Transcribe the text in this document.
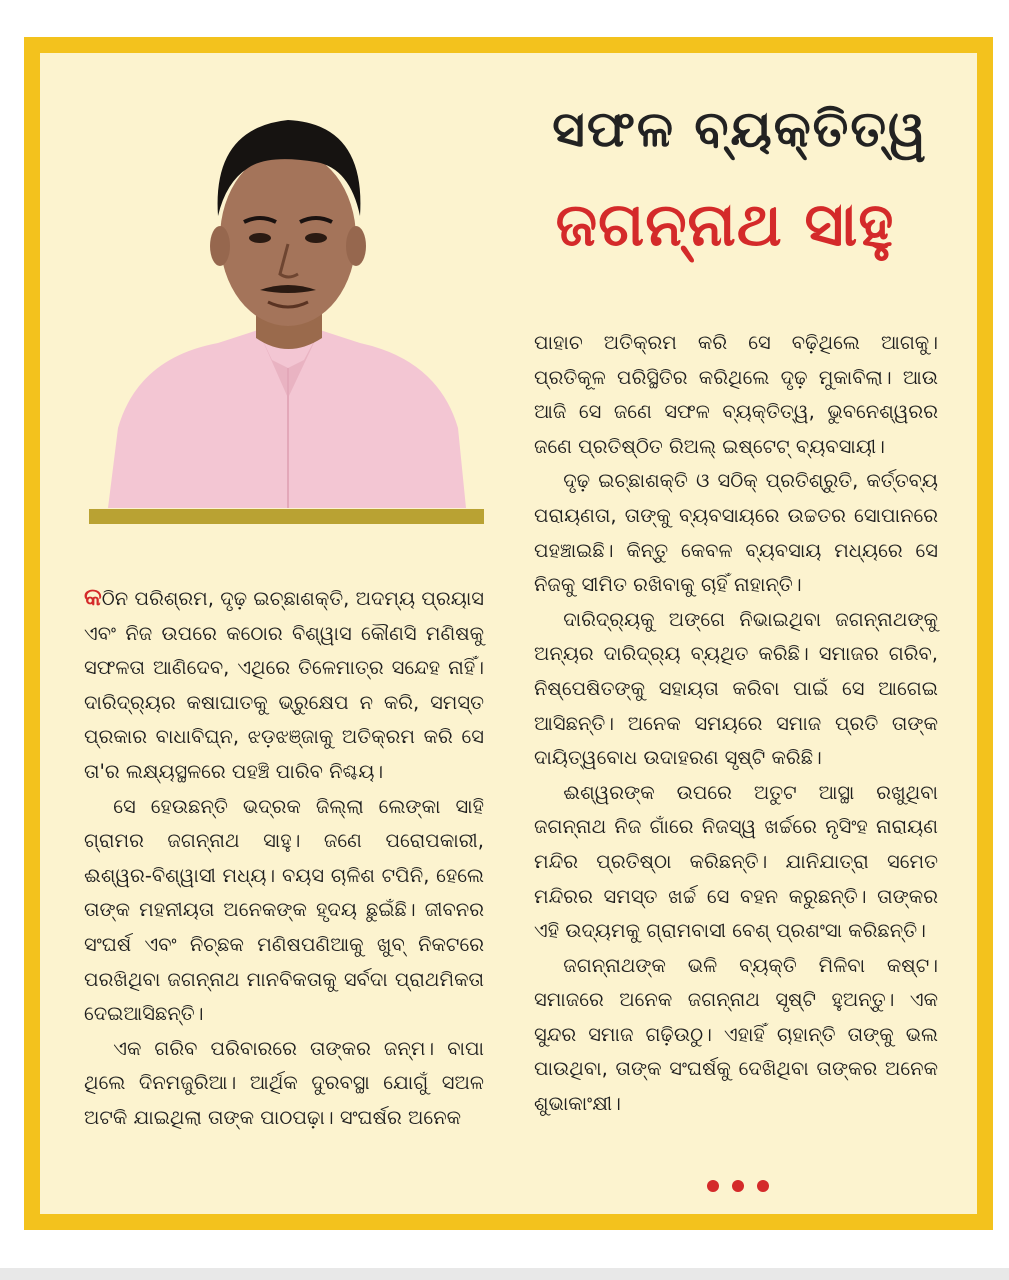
ସଫଳ ବ୍ୟକ୍ତିତ୍ୱ
ଜଗନ୍ନାଥ ସାହୁ

କଠିନ ପରିଶ୍ରମ, ଦୃଢ଼ ଇଚ୍ଛାଶକ୍ତି, ଅଦମ୍ୟ ପ୍ରୟାସ ଏବଂ ନିଜ ଉପରେ କଠୋର ବିଶ୍ୱାସ କୌଣସି ମଣିଷକୁ ସଫଳତା ଆଣିଦେବ, ଏଥିରେ ତିଳେମାତ୍ର ସନ୍ଦେହ ନାହିଁ। ଦାରିଦ୍ର୍ୟର କଷାଘାତକୁ ଭ୍ରୁକ୍ଷେପ ନ କରି, ସମସ୍ତ ପ୍ରକାର ବାଧାବିଘ୍ନ, ଝଡ଼ଝଞ୍ଜାକୁ ଅତିକ୍ରମ କରି ସେ ତା'ର ଲକ୍ଷ୍ୟସ୍ଥଳରେ ପହଞ୍ଚି ପାରିବ ନିଶ୍ଚୟ।

ସେ ହେଉଛନ୍ତି ଭଦ୍ରକ ଜିଲ୍ଲା ଲେଙ୍କା ସାହି ଗ୍ରାମର ଜଗନ୍ନାଥ ସାହୁ। ଜଣେ ପରୋପକାରୀ, ଈଶ୍ୱର-ବିଶ୍ୱାସୀ ମଧ୍ୟ। ବୟସ ଚାଳିଶ ଟପିନି, ହେଲେ ତାଙ୍କ ମହନୀୟତା ଅନେକଙ୍କ ହୃଦୟ ଛୁଇଁଛି। ଜୀବନର ସଂଘର୍ଷ ଏବଂ ନିଚ୍ଛକ ମଣିଷପଣିଆକୁ ଖୁବ୍ ନିକଟରେ ପରଖିଥିବା ଜଗନ୍ନାଥ ମାନବିକତାକୁ ସର୍ବଦା ପ୍ରାଥମିକତା ଦେଇଆସିଛନ୍ତି।

ଏକ ଗରିବ ପରିବାରରେ ତାଙ୍କର ଜନ୍ମ। ବାପା ଥିଲେ ଦିନମଜୁରିଆ। ଆର୍ଥିକ ଦୁରବସ୍ଥା ଯୋଗୁଁ ସଅଳ ଅଟକି ଯାଇଥିଲା ତାଙ୍କ ପାଠପଢ଼ା। ସଂଘର୍ଷର ଅନେକ

ପାହାଚ ଅତିକ୍ରମ କରି ସେ ବଢ଼ିଥିଲେ ଆଗକୁ। ପ୍ରତିକୂଳ ପରିସ୍ଥିତିର କରିଥିଲେ ଦୃଢ଼ ମୁକାବିଲା। ଆଉ ଆଜି ସେ ଜଣେ ସଫଳ ବ୍ୟକ୍ତିତ୍ୱ, ଭୁବନେଶ୍ୱରର ଜଣେ ପ୍ରତିଷ୍ଠିତ ରିଅଲ୍ ଇଷ୍ଟେଟ୍ ବ୍ୟବସାୟୀ।

ଦୃଢ଼ ଇଚ୍ଛାଶକ୍ତି ଓ ସଠିକ୍ ପ୍ରତିଶ୍ରୁତି, କର୍ତ୍ତବ୍ୟ ପରାୟଣତା, ତାଙ୍କୁ ବ୍ୟବସାୟରେ ଉଚ୍ଚତର ସୋପାନରେ ପହଞ୍ଚାଇଛି। କିନ୍ତୁ କେବଳ ବ୍ୟବସାୟ ମଧ୍ୟରେ ସେ ନିଜକୁ ସୀମିତ ରଖିବାକୁ ଚାହିଁ ନାହାନ୍ତି।

ଦାରିଦ୍ର୍ୟକୁ ଅଙ୍ଗେ ନିଭାଇଥିବା ଜଗନ୍ନାଥଙ୍କୁ ଅନ୍ୟର ଦାରିଦ୍ର୍ୟ ବ୍ୟଥିତ କରିଛି। ସମାଜର ଗରିବ, ନିଷ୍ପେଷିତଙ୍କୁ ସହାୟତା କରିବା ପାଇଁ ସେ ଆଗେଇ ଆସିଛନ୍ତି। ଅନେକ ସମୟରେ ସମାଜ ପ୍ରତି ତାଙ୍କ ଦାୟିତ୍ୱବୋଧ ଉଦାହରଣ ସୃଷ୍ଟି କରିଛି।

ଈଶ୍ୱରଙ୍କ ଉପରେ ଅତୁଟ ଆସ୍ଥା ରଖୁଥିବା ଜଗନ୍ନାଥ ନିଜ ଗାଁରେ ନିଜସ୍ୱ ଖର୍ଚ୍ଚରେ ନୃସିଂହ ନାରାୟଣ ମନ୍ଦିର ପ୍ରତିଷ୍ଠା କରିଛନ୍ତି। ଯାନିଯାତ୍ରା ସମେତ ମନ୍ଦିରର ସମସ୍ତ ଖର୍ଚ୍ଚ ସେ ବହନ କରୁଛନ୍ତି। ତାଙ୍କର ଏହି ଉଦ୍ୟମକୁ ଗ୍ରାମବାସୀ ବେଶ୍ ପ୍ରଶଂସା କରିଛନ୍ତି।

ଜଗନ୍ନାଥଙ୍କ ଭଳି ବ୍ୟକ୍ତି ମିଳିବା କଷ୍ଟ। ସମାଜରେ ଅନେକ ଜଗନ୍ନାଥ ସୃଷ୍ଟି ହୁଅନ୍ତୁ। ଏକ ସୁନ୍ଦର ସମାଜ ଗଢ଼ିଉଠୁ। ଏହାହିଁ ଚାହାନ୍ତି ତାଙ୍କୁ ଭଲ ପାଉଥିବା, ତାଙ୍କ ସଂଘର୍ଷକୁ ଦେଖିଥିବା ତାଙ୍କର ଅନେକ ଶୁଭାକାଂକ୍ଷୀ।
